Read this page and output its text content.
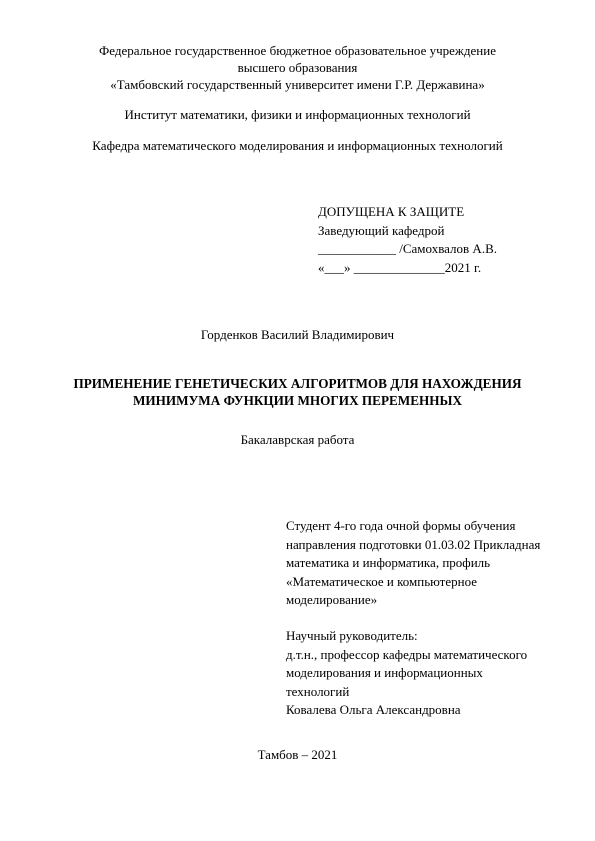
Федеральное государственное бюджетное образовательное учреждение
высшего образования
«Тамбовский государственный университет имени Г.Р. Державина»
Институт математики, физики и информационных технологий
Кафедра математического моделирования и информационных технологий
ДОПУЩЕНА К ЗАЩИТЕ
Заведующий кафедрой
____________ /Самохвалов А.В.
«___» ______________2021 г.
Горденков Василий Владимирович
ПРИМЕНЕНИЕ ГЕНЕТИЧЕСКИХ АЛГОРИТМОВ ДЛЯ НАХОЖДЕНИЯ
МИНИМУМА ФУНКЦИИ МНОГИХ ПЕРЕМЕННЫХ
Бакалаврская работа
Студент 4-го года очной формы обучения
направления подготовки 01.03.02 Прикладная
математика и информатика, профиль
«Математическое и компьютерное
моделирование»
Научный руководитель:
д.т.н., профессор кафедры математического
моделирования и информационных
технологий
Ковалева Ольга Александровна
Тамбов – 2021
